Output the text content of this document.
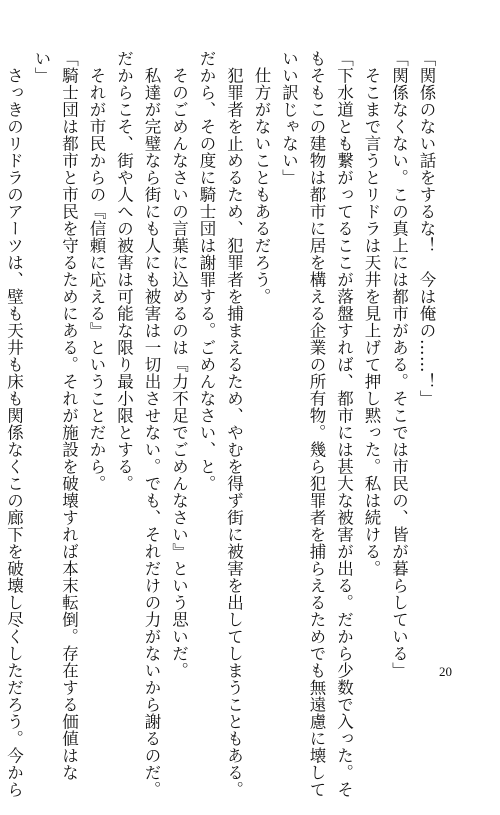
「関係のない話をするな！　今は俺の……！」
「関係なくない。この真上には都市がある。そこでは市民の、皆が暮らしている」
　そこまで言うとリドラは天井を見上げて押し黙った。私は続ける。
「下水道とも繋がってるここが落盤すれば、都市には甚大な被害が出る。だから少数で入った。そ
もそもこの建物は都市に居を構える企業の所有物。幾ら犯罪者を捕らえるためでも無遠慮に壊して
いい訳じゃない」
　仕方がないこともあるだろう。
　犯罪者を止めるため、犯罪者を捕まえるため、やむを得ず街に被害を出してしまうこともある。
だから、その度に騎士団は謝罪する。ごめんなさい、と。
　そのごめんなさいの言葉に込めるのは『力不足でごめんなさい』という思いだ。
　私達が完璧なら街にも人にも被害は一切出させない。でも、それだけの力がないから謝るのだ。
だからこそ、街や人への被害は可能な限り最小限とする。
　それが市民からの『信頼に応える』ということだから。
「騎士団は都市と市民を守るためにある。それが施設を破壊すれば本末転倒。存在する価値はな
い」
　さっきのリドラのアーツは、壁も天井も床も関係なくこの廊下を破壊し尽くしただろう。今から	20
